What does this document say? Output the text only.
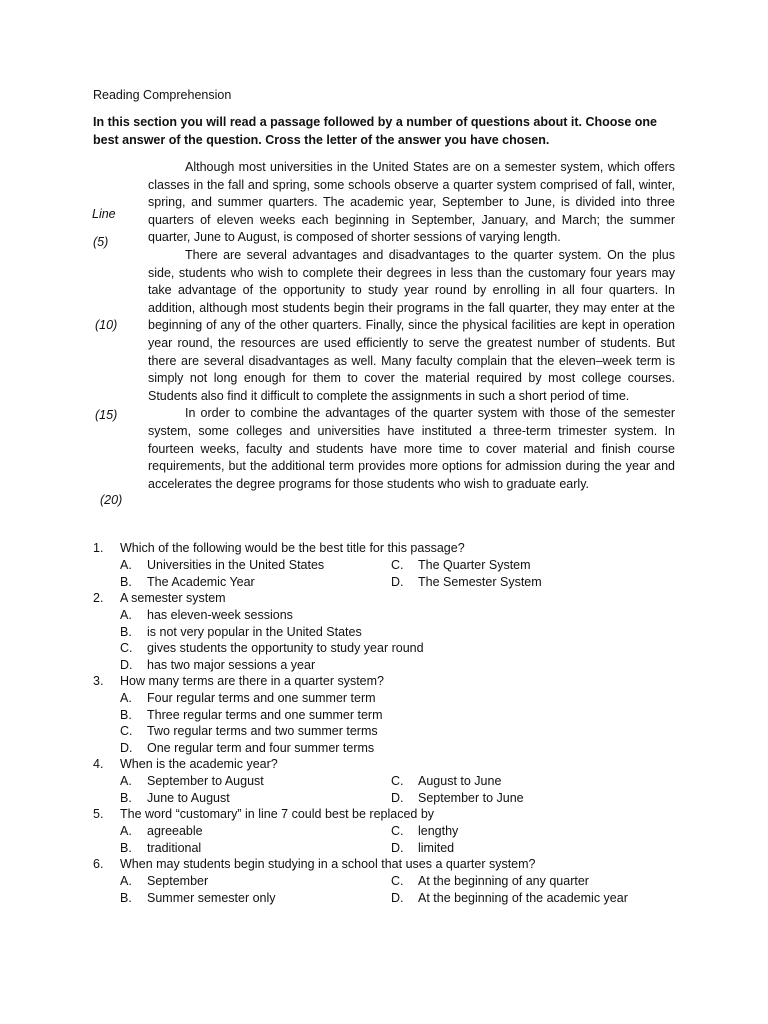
Reading Comprehension
In this section you will read a passage followed by a number of questions about it. Choose one best answer of the question. Cross the letter of the answer you have chosen.
Line
(5)
(10)
(15)
(20)

Although most universities in the United States are on a semester system, which offers classes in the fall and spring, some schools observe a quarter system comprised of fall, winter, spring, and summer quarters. The academic year, September to June, is divided into three quarters of eleven weeks each beginning in September, January, and March; the summer quarter, June to August, is composed of shorter sessions of varying length.

There are several advantages and disadvantages to the quarter system. On the plus side, students who wish to complete their degrees in less than the customary four years may take advantage of the opportunity to study year round by enrolling in all four quarters. In addition, although most students begin their programs in the fall quarter, they may enter at the beginning of any of the other quarters. Finally, since the physical facilities are kept in operation year round, the resources are used efficiently to serve the greatest number of students. But there are several disadvantages as well. Many faculty complain that the eleven–week term is simply not long enough for them to cover the material required by most college courses. Students also find it difficult to complete the assignments in such a short period of time.

In order to combine the advantages of the quarter system with those of the semester system, some colleges and universities have instituted a three-term trimester system. In fourteen weeks, faculty and students have more time to cover material and finish course requirements, but the additional term provides more options for admission during the year and accelerates the degree programs for those students who wish to graduate early.

1. Which of the following would be the best title for this passage?
A. Universities in the United States	C. The Quarter System
B. The Academic Year	D. The Semester System
2. A semester system
A. has eleven-week sessions
B. is not very popular in the United States
C. gives students the opportunity to study year round
D. has two major sessions a year
3. How many terms are there in a quarter system?
A. Four regular terms and one summer term
B. Three regular terms and one summer term
C. Two regular terms and two summer terms
D. One regular term and four summer terms
4. When is the academic year?
A. September to August	C. August to June
B. June to August	D. September to June
5. The word “customary” in line 7 could best be replaced by
A. agreeable	C. lengthy
B. traditional	D. limited
6. When may students begin studying in a school that uses a quarter system?
A. September	C. At the beginning of any quarter
B. Summer semester only	D. At the beginning of the academic year
